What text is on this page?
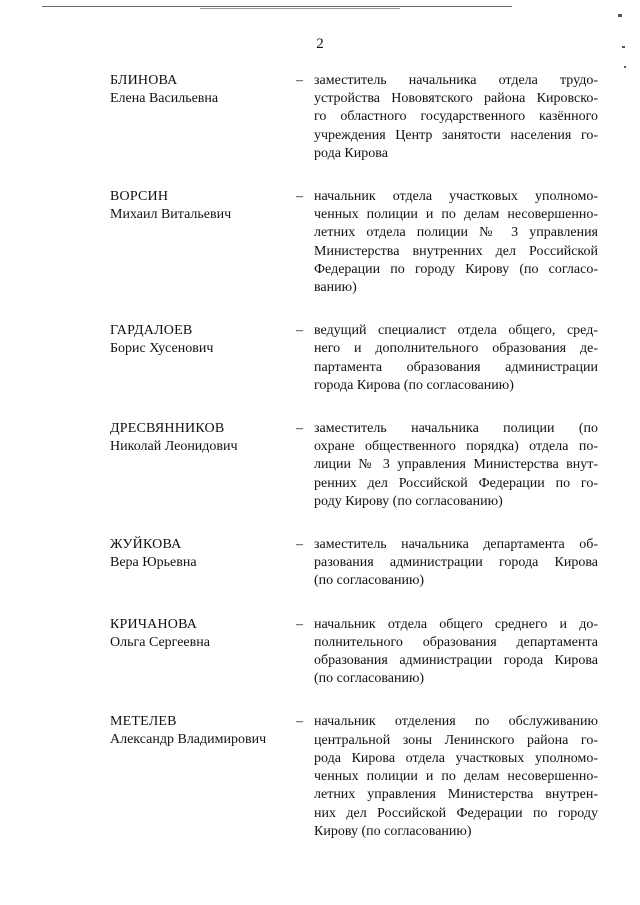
2
БЛИНОВА
Елена Васильевна
– заместитель начальника отдела трудо-
устройства Нововятского района Кировско-
го областного государственного казённого
учреждения Центр занятости населения го-
рода Кирова
ВОРСИН
Михаил Витальевич
– начальник отдела участковых уполномо-
ченных полиции и по делам несовершенно-
летних отдела полиции № 3 управления
Министерства внутренних дел Российской
Федерации по городу Кирову (по согласо-
ванию)
ГАРДАЛОЕВ
Борис Хусенович
– ведущий специалист отдела общего, сред-
него и дополнительного образования де-
партамента образования администрации
города Кирова (по согласованию)
ДРЕСВЯННИКОВ
Николай Леонидович
– заместитель начальника полиции (по
охране общественного порядка) отдела по-
лиции № 3 управления Министерства внут-
ренних дел Российской Федерации по го-
роду Кирову (по согласованию)
ЖУЙКОВА
Вера Юрьевна
– заместитель начальника департамента об-
разования администрации города Кирова
(по согласованию)
КРИЧАНОВА
Ольга Сергеевна
– начальник отдела общего среднего и до-
полнительного образования департамента
образования администрации города Кирова
(по согласованию)
МЕТЕЛЕВ
Александр Владимирович
– начальник отделения по обслуживанию
центральной зоны Ленинского района го-
рода Кирова отдела участковых уполномо-
ченных полиции и по делам несовершенно-
летних управления Министерства внутрен-
них дел Российской Федерации по городу
Кирову (по согласованию)
